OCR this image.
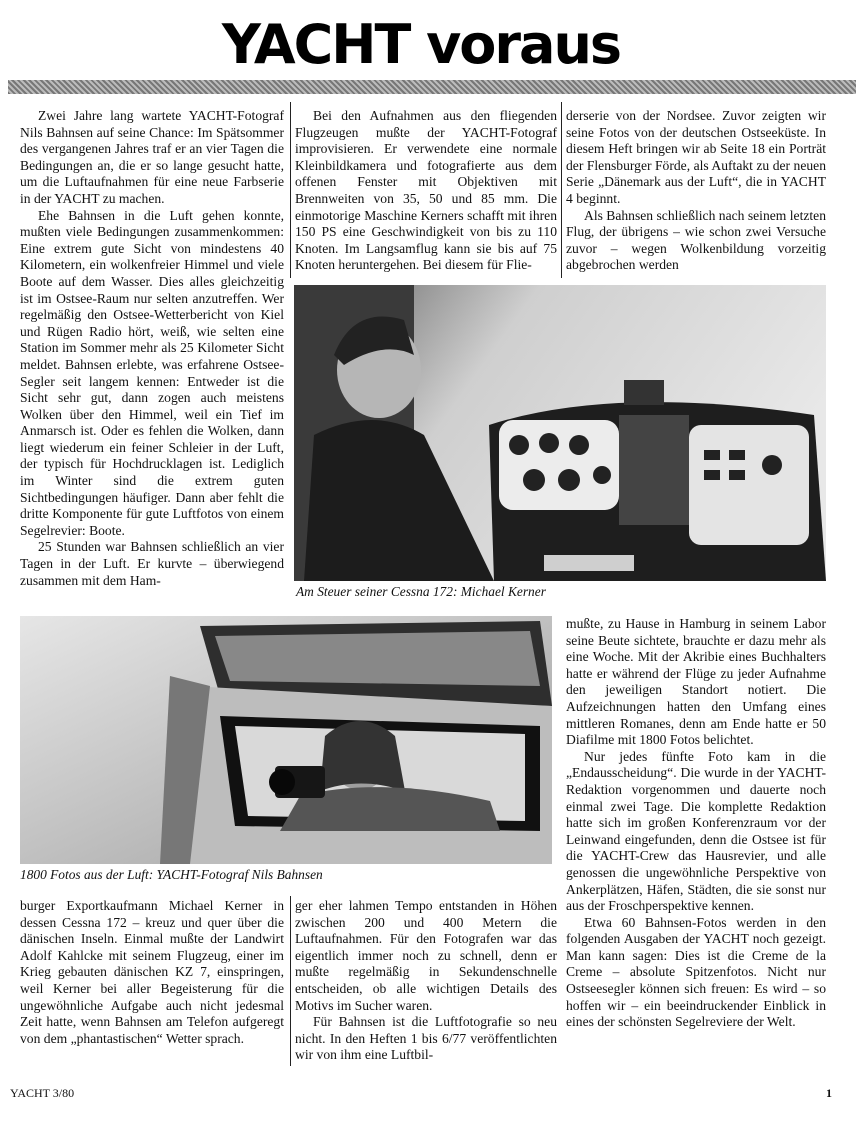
YACHT voraus

Zwei Jahre lang wartete YACHT-Fotograf Nils Bahnsen auf seine Chance: Im Spätsommer des vergangenen Jahres traf er an vier Tagen die Bedingungen an, die er so lange gesucht hatte, um die Luftaufnahmen für eine neue Farbserie in der YACHT zu machen.

Ehe Bahnsen in die Luft gehen konnte, mußten viele Bedingungen zusammenkommen: Eine extrem gute Sicht von mindestens 40 Kilometern, ein wolkenfreier Himmel und viele Boote auf dem Wasser. Dies alles gleichzeitig ist im Ostsee-Raum nur selten anzutreffen. Wer regelmäßig den Ostsee-Wetterbericht von Kiel und Rügen Radio hört, weiß, wie selten eine Station im Sommer mehr als 25 Kilometer Sicht meldet. Bahnsen erlebte, was erfahrene Ostsee-Segler seit langem kennen: Entweder ist die Sicht sehr gut, dann zogen auch meistens Wolken über den Himmel, weil ein Tief im Anmarsch ist. Oder es fehlen die Wolken, dann liegt wiederum ein feiner Schleier in der Luft, der typisch für Hochdrucklagen ist. Lediglich im Winter sind die extrem guten Sichtbedingungen häufiger. Dann aber fehlt die dritte Komponente für gute Luftfotos von einem Segelrevier: Boote.

25 Stunden war Bahnsen schließlich an vier Tagen in der Luft. Er kurvte – überwiegend zusammen mit dem Ham-

Bei den Aufnahmen aus den fliegenden Flugzeugen mußte der YACHT-Fotograf improvisieren. Er verwendete eine normale Kleinbildkamera und fotografierte aus dem offenen Fenster mit Objektiven mit Brennweiten von 35, 50 und 85 mm. Die einmotorige Maschine Kerners schafft mit ihren 150 PS eine Geschwindigkeit von bis zu 110 Knoten. Im Langsamflug kann sie bis auf 75 Knoten heruntergehen. Bei diesem für Flie-

derserie von der Nordsee. Zuvor zeigten wir seine Fotos von der deutschen Ostseeküste. In diesem Heft bringen wir ab Seite 18 ein Porträt der Flensburger Förde, als Auftakt zu der neuen Serie „Dänemark aus der Luft“, die in YACHT 4 beginnt.

Als Bahnsen schließlich nach seinem letzten Flug, der übrigens – wie schon zwei Versuche zuvor – wegen Wolkenbildung vorzeitig abgebrochen werden

Am Steuer seiner Cessna 172: Michael Kerner
1800 Fotos aus der Luft: YACHT-Fotograf Nils Bahnsen

mußte, zu Hause in Hamburg in seinem Labor seine Beute sichtete, brauchte er dazu mehr als eine Woche. Mit der Akribie eines Buchhalters hatte er während der Flüge zu jeder Aufnahme den jeweiligen Standort notiert. Die Aufzeichnungen hatten den Umfang eines mittleren Romanes, denn am Ende hatte er 50 Diafilme mit 1800 Fotos belichtet.

Nur jedes fünfte Foto kam in die „Endausscheidung“. Die wurde in der YACHT-Redaktion vorgenommen und dauerte noch einmal zwei Tage. Die komplette Redaktion hatte sich im großen Konferenzraum vor der Leinwand eingefunden, denn die Ostsee ist für die YACHT-Crew das Hausrevier, und alle genossen die ungewöhnliche Perspektive von Ankerplätzen, Häfen, Städten, die sie sonst nur aus der Froschperspektive kennen.

Etwa 60 Bahnsen-Fotos werden in den folgenden Ausgaben der YACHT noch gezeigt. Man kann sagen: Dies ist die Creme de la Creme – absolute Spitzenfotos. Nicht nur Ostseesegler können sich freuen: Es wird – so hoffen wir – ein beeindruckender Einblick in eines der schönsten Segelreviere der Welt.

burger Exportkaufmann Michael Kerner in dessen Cessna 172 – kreuz und quer über die dänischen Inseln. Einmal mußte der Landwirt Adolf Kahlcke mit seinem Flugzeug, einer im Krieg gebauten dänischen KZ 7, einspringen, weil Kerner bei aller Begeisterung für die ungewöhnliche Aufgabe auch nicht jedesmal Zeit hatte, wenn Bahnsen am Telefon aufgeregt von dem „phantastischen“ Wetter sprach.

ger eher lahmen Tempo entstanden in Höhen zwischen 200 und 400 Metern die Luftaufnahmen. Für den Fotografen war das eigentlich immer noch zu schnell, denn er mußte regelmäßig in Sekundenschnelle entscheiden, ob alle wichtigen Details des Motivs im Sucher waren.

Für Bahnsen ist die Luftfotografie so neu nicht. In den Heften 1 bis 6/77 veröffentlichten wir von ihm eine Luftbil-

YACHT 3/80	1
